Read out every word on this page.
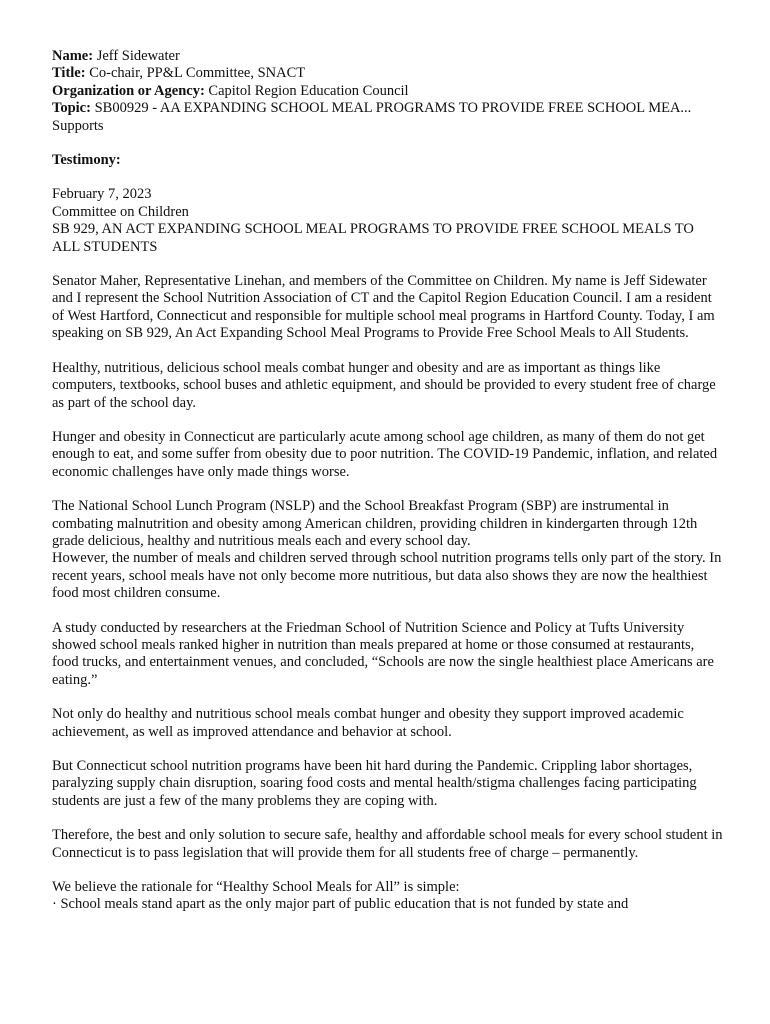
Name: Jeff Sidewater

Title: Co-chair, PP&L Committee, SNACT

Organization or Agency: Capitol Region Education Council

Topic: SB00929 - AA EXPANDING SCHOOL MEAL PROGRAMS TO PROVIDE FREE SCHOOL MEA...

Supports

Testimony:

February 7, 2023

Committee on Children

SB 929, AN ACT EXPANDING SCHOOL MEAL PROGRAMS TO PROVIDE FREE SCHOOL MEALS TO ALL STUDENTS

Senator Maher, Representative Linehan, and members of the Committee on Children. My name is Jeff Sidewater and I represent the School Nutrition Association of CT and the Capitol Region Education Council. I am a resident of West Hartford, Connecticut and responsible for multiple school meal programs in Hartford County. Today, I am speaking on SB 929, An Act Expanding School Meal Programs to Provide Free School Meals to All Students.

Healthy, nutritious, delicious school meals combat hunger and obesity and are as important as things like computers, textbooks, school buses and athletic equipment, and should be provided to every student free of charge as part of the school day.

Hunger and obesity in Connecticut are particularly acute among school age children, as many of them do not get enough to eat, and some suffer from obesity due to poor nutrition. The COVID-19 Pandemic, inflation, and related economic challenges have only made things worse.

The National School Lunch Program (NSLP) and the School Breakfast Program (SBP) are instrumental in combating malnutrition and obesity among American children, providing children in kindergarten through 12th grade delicious, healthy and nutritious meals each and every school day.

However, the number of meals and children served through school nutrition programs tells only part of the story. In recent years, school meals have not only become more nutritious, but data also shows they are now the healthiest food most children consume.

A study conducted by researchers at the Friedman School of Nutrition Science and Policy at Tufts University showed school meals ranked higher in nutrition than meals prepared at home or those consumed at restaurants, food trucks, and entertainment venues, and concluded, “Schools are now the single healthiest place Americans are eating.”

Not only do healthy and nutritious school meals combat hunger and obesity they support improved academic achievement, as well as improved attendance and behavior at school.

But Connecticut school nutrition programs have been hit hard during the Pandemic. Crippling labor shortages, paralyzing supply chain disruption, soaring food costs and mental health/stigma challenges facing participating students are just a few of the many problems they are coping with.

Therefore, the best and only solution to secure safe, healthy and affordable school meals for every school student in Connecticut is to pass legislation that will provide them for all students free of charge – permanently.

We believe the rationale for “Healthy School Meals for All” is simple:

· School meals stand apart as the only major part of public education that is not funded by state and
